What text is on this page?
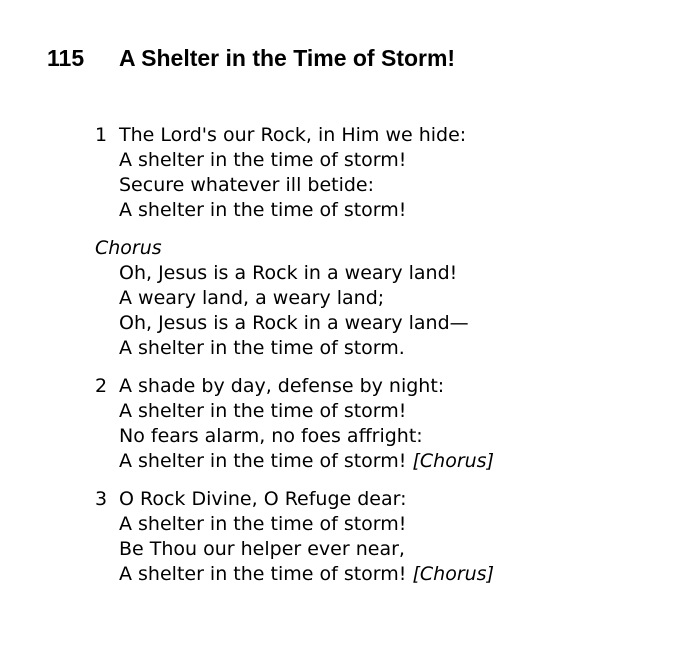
115 A Shelter in the Time of Storm!
1 The Lord's our Rock, in Him we hide:
A shelter in the time of storm!
Secure whatever ill betide:
A shelter in the time of storm!
Chorus
Oh, Jesus is a Rock in a weary land!
A weary land, a weary land;
Oh, Jesus is a Rock in a weary land—
A shelter in the time of storm.
2 A shade by day, defense by night:
A shelter in the time of storm!
No fears alarm, no foes affright:
A shelter in the time of storm! [Chorus]
3 O Rock Divine, O Refuge dear:
A shelter in the time of storm!
Be Thou our helper ever near,
A shelter in the time of storm! [Chorus]
